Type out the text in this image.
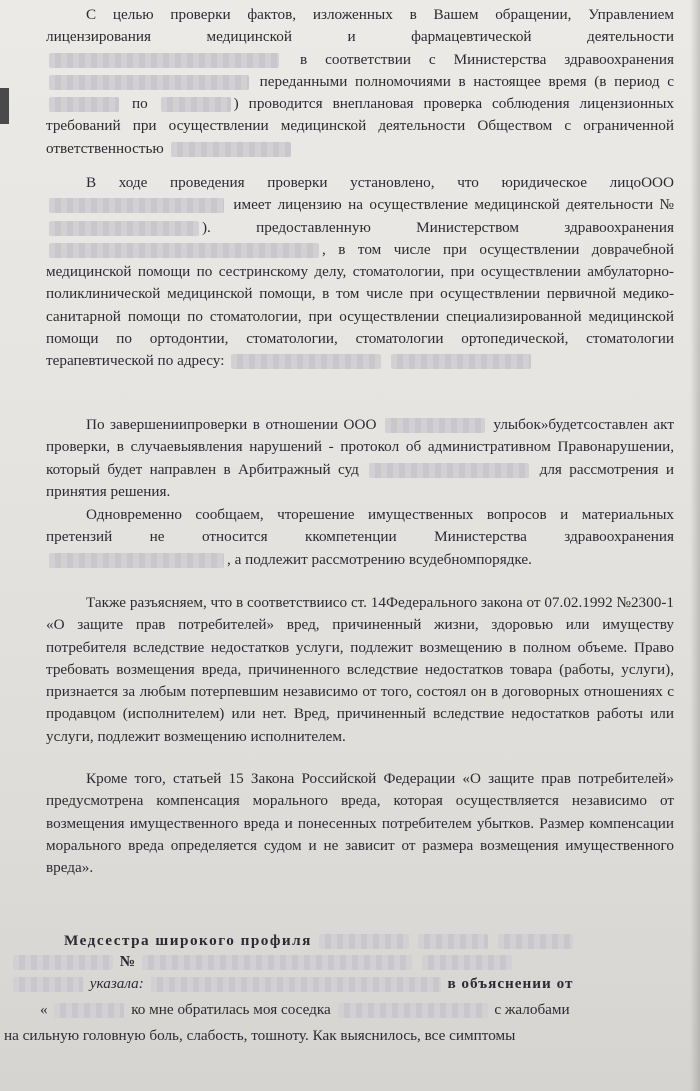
С целью проверки фактов, изложенных в Вашем обращении, Управлением лицензирования медицинской и фармацевтической деятельности  в соответствии с Министерства здравоохранения  переданными полномочиями в настоящее время (в период с  по	) проводится внеплановая проверка соблюдения лицензионных требований при осуществлении медицинской деятельности Обществом с ограниченной ответственностью
В ходе проведения проверки установлено, что юридическое лицоООО  имеет лицензию на осуществление медицинской деятельности № ). предоставленную Министерством здравоохранения , в том числе при осуществлении доврачебной медицинской помощи по сестринскому делу, стоматологии, при осуществлении амбулаторно-поликлинической медицинской помощи, в том числе при осуществлении первичной медико-санитарной помощи по стоматологии, при осуществлении специализированной медицинской помощи по ортодонтии, стоматологии, стоматологии ортопедической, стоматологии терапевтической по адресу:
По завершениипроверки в отношении ООО	улыбок»будетсоставлен акт проверки, в случаевыявления нарушений - протокол об административном Правонарушении, который будет направлен в Арбитражный суд	для рассмотрения и принятия решения.
Одновременно сообщаем, чторешение имущественных вопросов и материальных претензий не относится ккомпетенции Министерства здравоохранения , а подлежит рассмотрению всудебномпорядке.
Также разъясняем, что в соответствиисо ст. 14Федерального закона от 07.02.1992 №2300-1 «О защите прав потребителей» вред, причиненный жизни, здоровью или имуществу потребителя вследствие недостатков услуги, подлежит возмещению в полном объеме. Право требовать возмещения вреда, причиненного вследствие недостатков товара (работы, услуги), признается за любым потерпевшим независимо от того, состоял он в договорных отношениях с продавцом (исполнителем) или нет. Вред, причиненный вследствие недостатков работы или услуги, подлежит возмещению исполнителем.
Кроме того, статьей 15 Закона Российской Федерации «О защите прав потребителей» предусмотрена компенсация морального вреда, которая осуществляется независимо от возмещения имущественного вреда и понесенных потребителем убытков. Размер компенсации морального вреда определяется судом и не зависит от размера возмещения имущественного вреда».
Медсестра широкого профиля
№
указала:	в объяснении от
«	ко мне обратилась моя соседка	с жалобами
на сильную головную боль, слабость, тошноту. Как выяснилось, все симптомы
